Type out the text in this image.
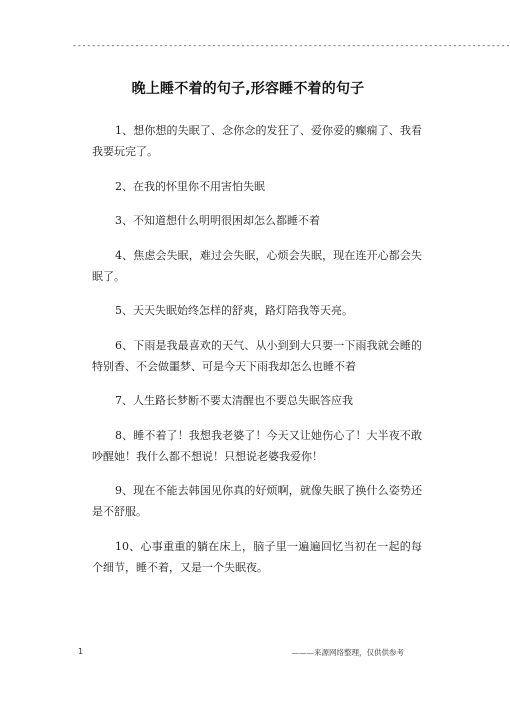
-------------------------------------------------------------------------------------------
晚上睡不着的句子,形容睡不着的句子

1、想你想的失眠了、念你念的发狂了、爱你爱的癫痫了、我看我要玩完了。

2、在我的怀里你不用害怕失眠

3、不知道想什么明明很困却怎么都睡不着

4、焦虑会失眠，难过会失眠，心烦会失眠，现在连开心都会失眠了。

5、天天失眠始终怎样的舒爽，路灯陪我等天亮。

6、下雨是我最喜欢的天气、从小到到大只要一下雨我就会睡的特别香、不会做噩梦、可是今天下雨我却怎么也睡不着

7、人生路长梦断不要太清醒也不要总失眠答应我

8、睡不着了！我想我老婆了！今天又让她伤心了！大半夜不敢吵醒她！我什么都不想说！只想说老婆我爱你！

9、现在不能去韩国见你真的好烦啊，就像失眠了换什么姿势还是不舒服。

10、心事重重的躺在床上，脑子里一遍遍回忆当初在一起的每个细节，睡不着，又是一个失眠夜。

1	———来源网络整理，仅供供参考
